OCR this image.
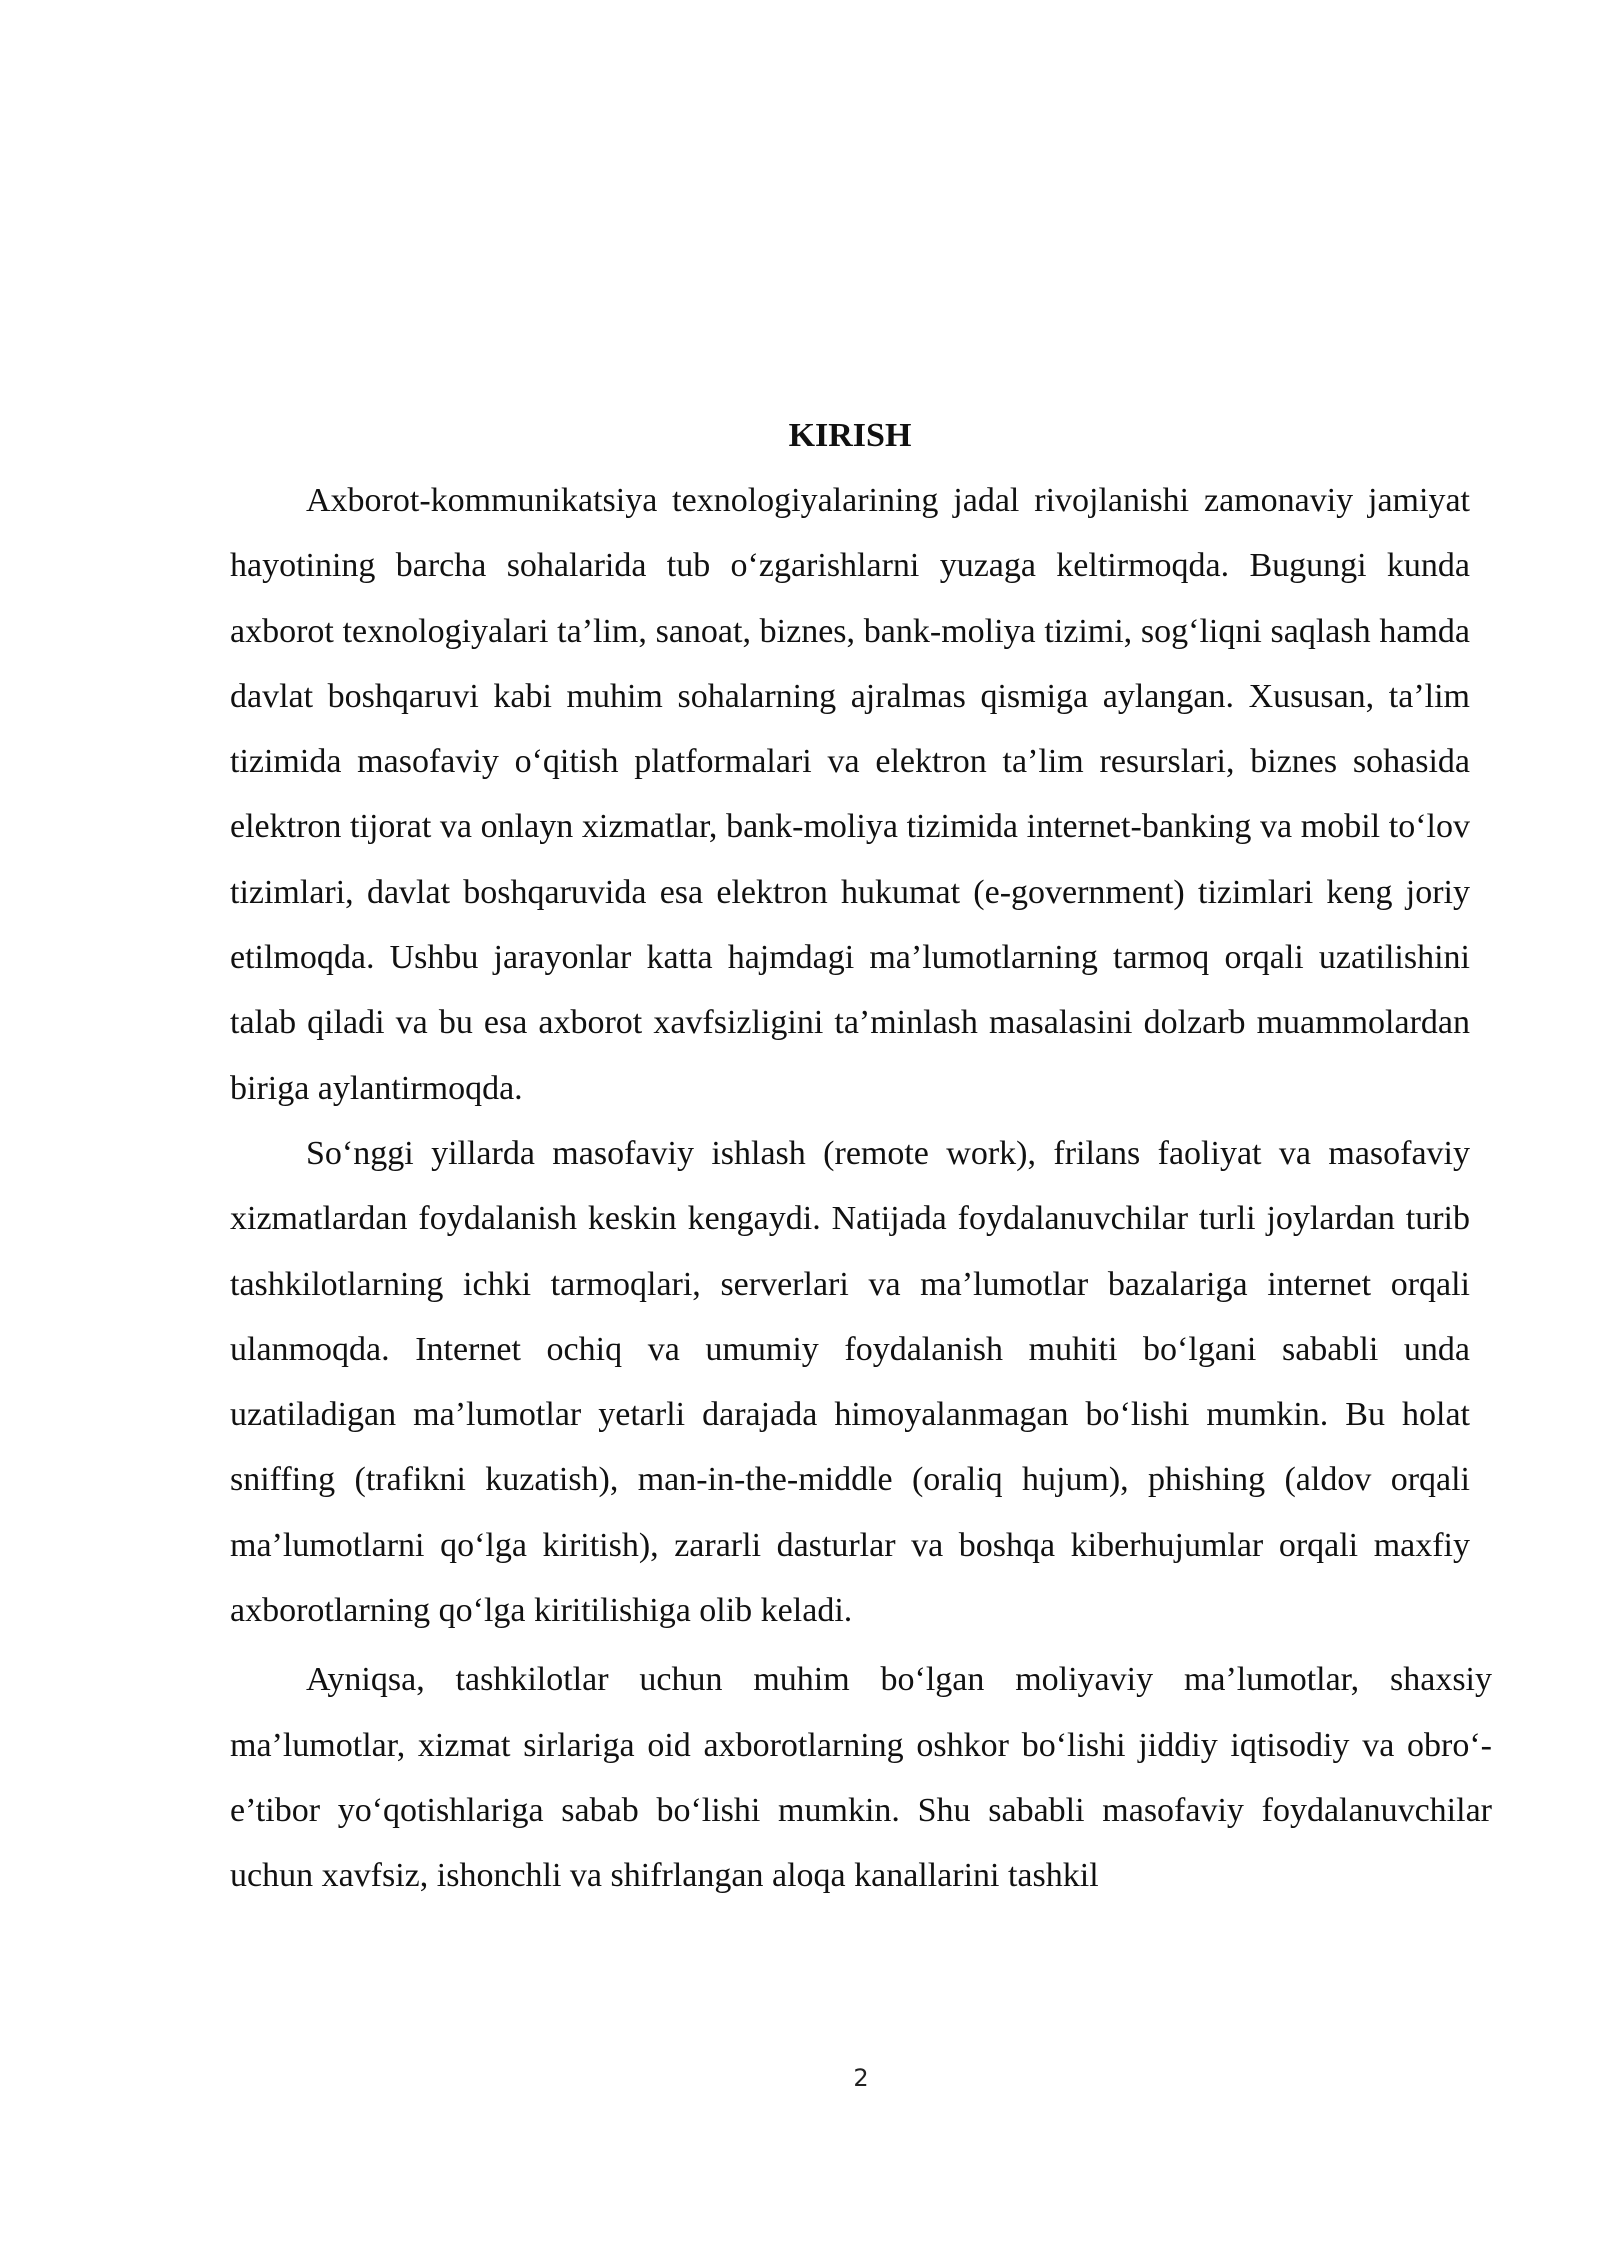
KIRISH

Axborot-kommunikatsiya texnologiyalarining jadal rivojlanishi zamonaviy jamiyat hayotining barcha sohalarida tub o‘zgarishlarni yuzaga keltirmoqda. Bugungi kunda axborot texnologiyalari ta’lim, sanoat, biznes, bank-moliya tizimi, sog‘liqni saqlash hamda davlat boshqaruvi kabi muhim sohalarning ajralmas qismiga aylangan. Xususan, ta’lim tizimida masofaviy o‘qitish platformalari va elektron ta’lim resurslari, biznes sohasida elektron tijorat va onlayn xizmatlar, bank-moliya tizimida internet-banking va mobil to‘lov tizimlari, davlat boshqaruvida esa elektron hukumat (e-government) tizimlari keng joriy etilmoqda. Ushbu jarayonlar katta hajmdagi ma’lumotlarning tarmoq orqali uzatilishini talab qiladi va bu esa axborot xavfsizligini ta’minlash masalasini dolzarb muammolardan biriga aylantirmoqda.

So‘nggi yillarda masofaviy ishlash (remote work), frilans faoliyat va masofaviy xizmatlardan foydalanish keskin kengaydi. Natijada foydalanuvchilar turli joylardan turib tashkilotlarning ichki tarmoqlari, serverlari va ma’lumotlar bazalariga internet orqali ulanmoqda. Internet ochiq va umumiy foydalanish muhiti bo‘lgani sababli unda uzatiladigan ma’lumotlar yetarli darajada himoyalanmagan bo‘lishi mumkin. Bu holat sniffing (trafikni kuzatish), man-in-the-middle (oraliq hujum), phishing (aldov orqali ma’lumotlarni qo‘lga kiritish), zararli dasturlar va boshqa kiberhujumlar orqali maxfiy axborotlarning qo‘lga kiritilishiga olib keladi.

Ayniqsa, tashkilotlar uchun muhim bo‘lgan moliyaviy ma’lumotlar, shaxsiy ma’lumotlar, xizmat sirlariga oid axborotlarning oshkor bo‘lishi jiddiy iqtisodiy va obro‘-e’tibor yo‘qotishlariga sabab bo‘lishi mumkin. Shu sababli masofaviy foydalanuvchilar uchun xavfsiz, ishonchli va shifrlangan aloqa kanallarini tashkil

2
